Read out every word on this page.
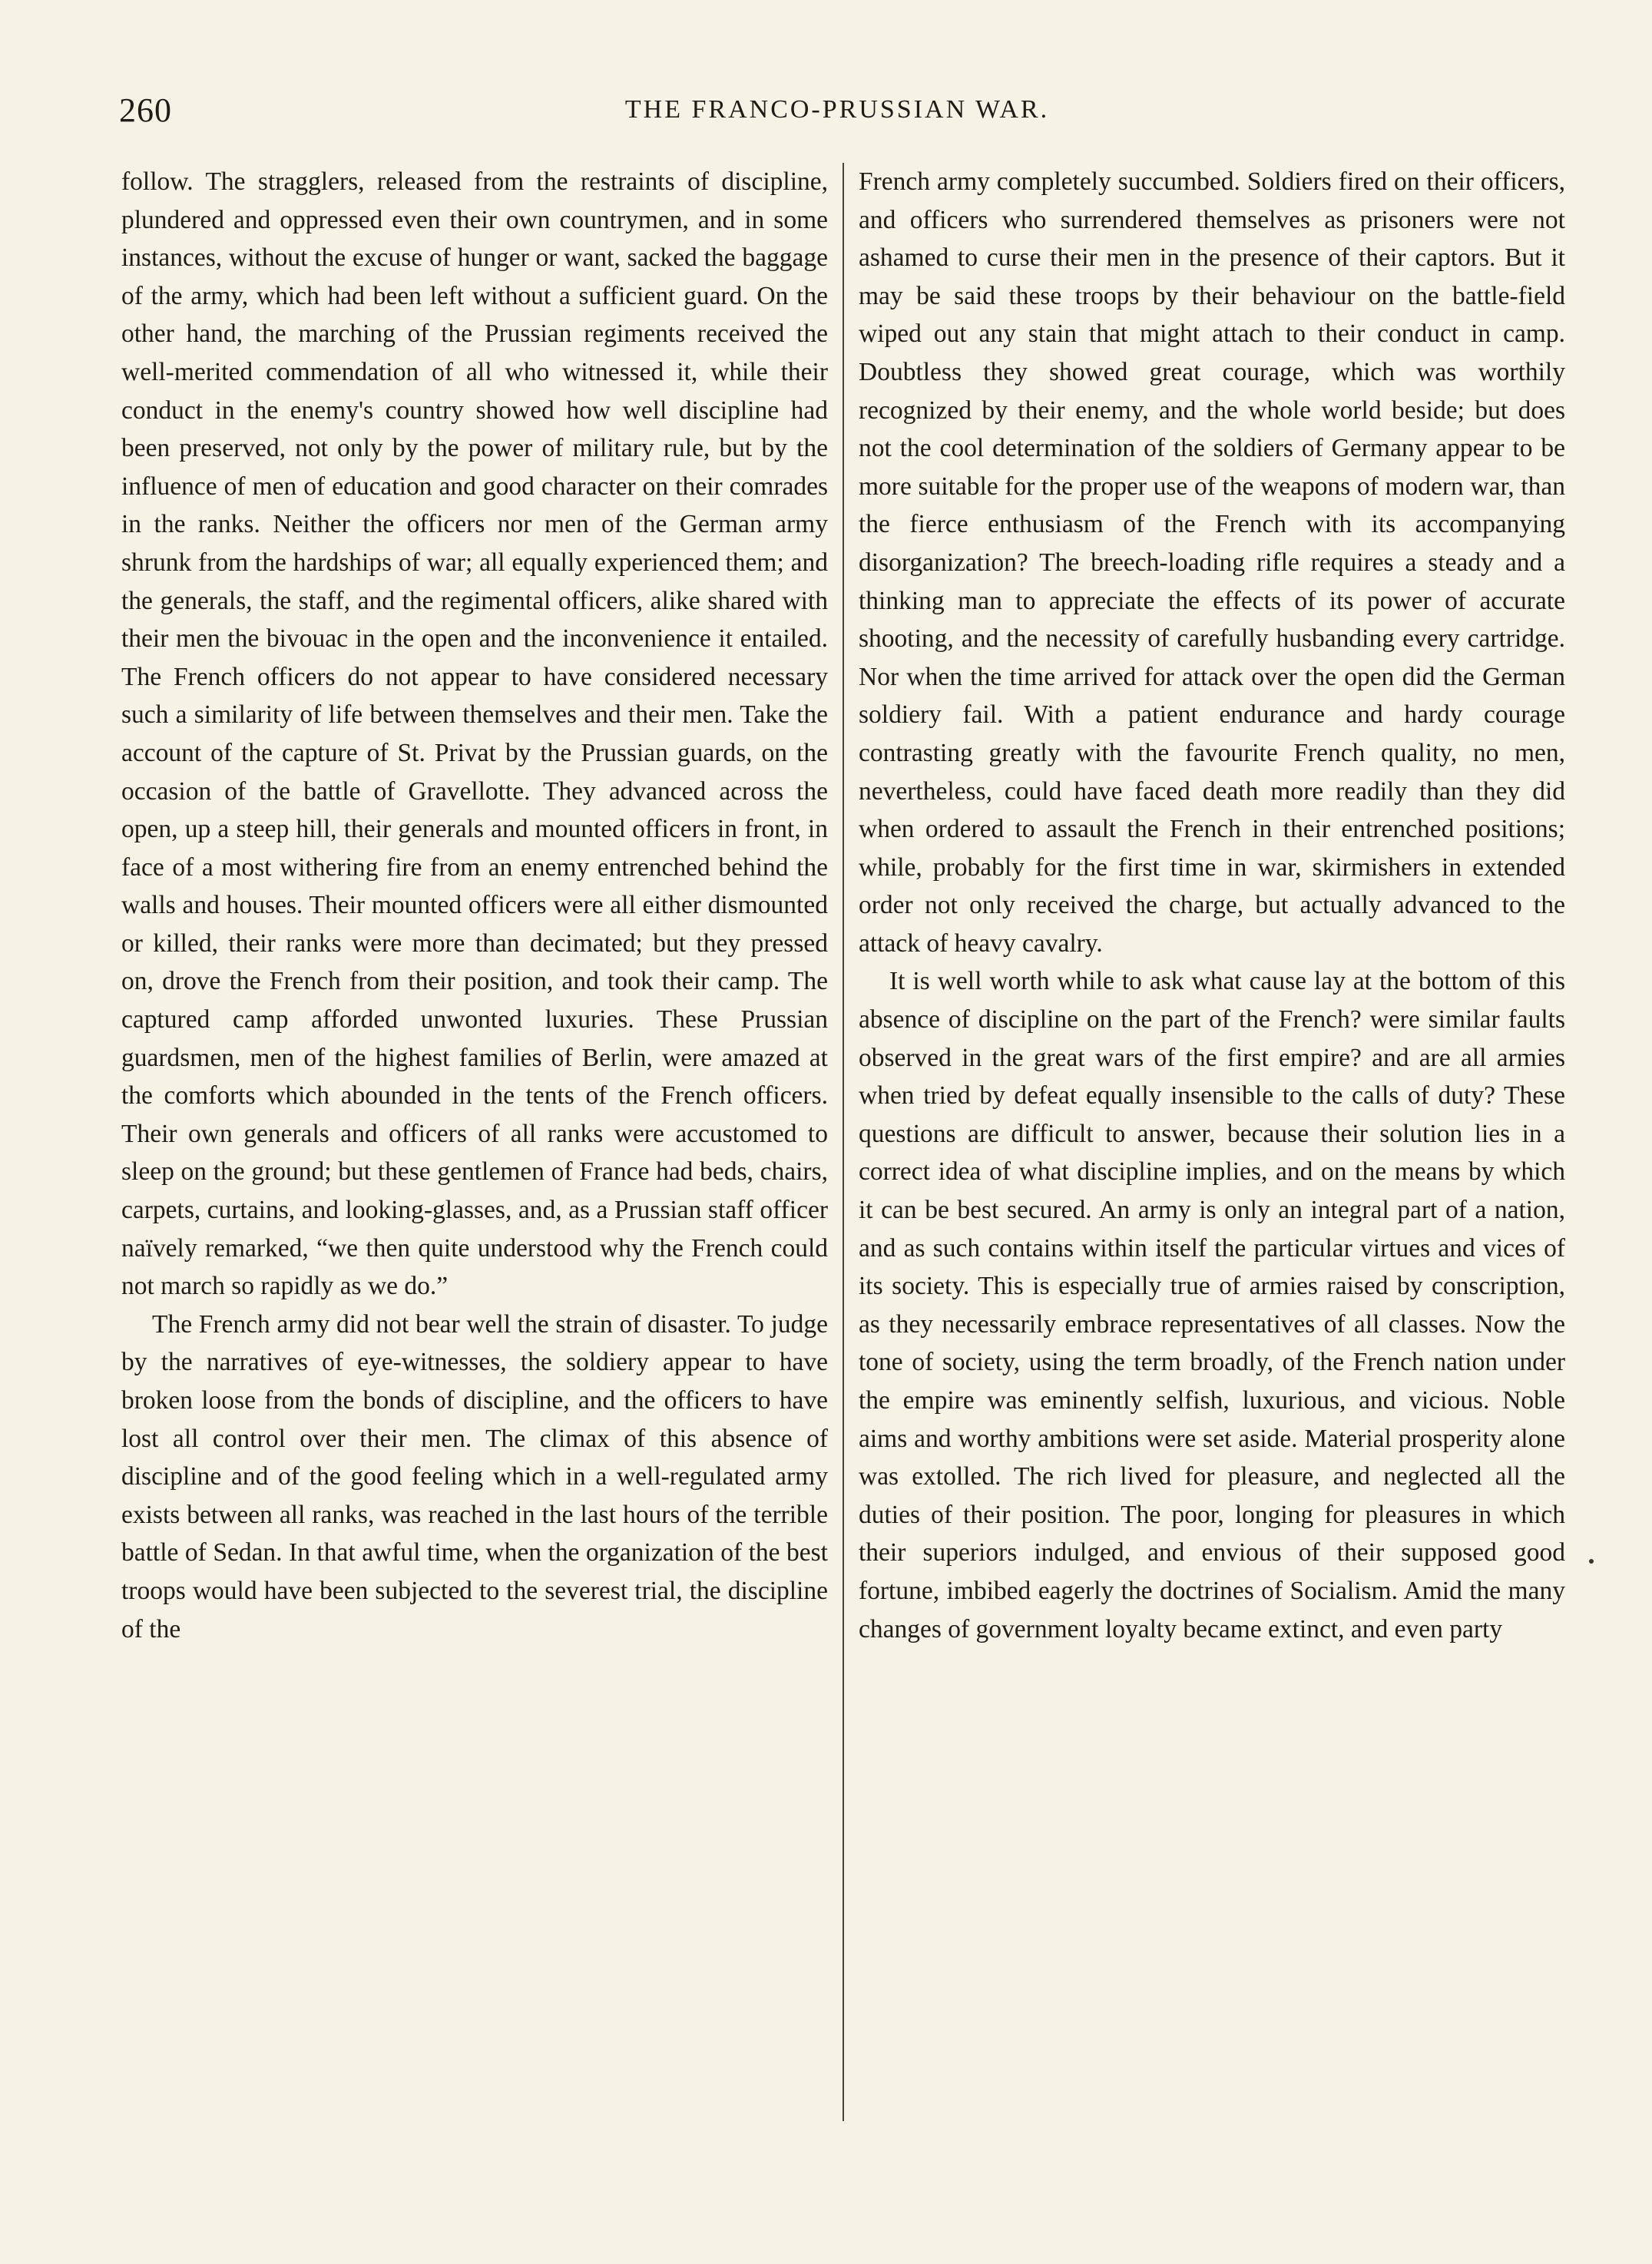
260	THE FRANCO-PRUSSIAN WAR.

follow. The stragglers, released from the restraints of discipline, plundered and oppressed even their own countrymen, and in some instances, without the excuse of hunger or want, sacked the baggage of the army, which had been left without a sufficient guard. On the other hand, the marching of the Prussian regiments received the well-merited commendation of all who witnessed it, while their conduct in the enemy's country showed how well discipline had been preserved, not only by the power of military rule, but by the influence of men of education and good character on their comrades in the ranks. Neither the officers nor men of the German army shrunk from the hardships of war; all equally experienced them; and the generals, the staff, and the regimental officers, alike shared with their men the bivouac in the open and the inconvenience it entailed. The French officers do not appear to have considered necessary such a similarity of life between themselves and their men. Take the account of the capture of St. Privat by the Prussian guards, on the occasion of the battle of Gravellotte. They advanced across the open, up a steep hill, their generals and mounted officers in front, in face of a most withering fire from an enemy entrenched behind the walls and houses. Their mounted officers were all either dismounted or killed, their ranks were more than decimated; but they pressed on, drove the French from their position, and took their camp. The captured camp afforded unwonted luxuries. These Prussian guardsmen, men of the highest families of Berlin, were amazed at the comforts which abounded in the tents of the French officers. Their own generals and officers of all ranks were accustomed to sleep on the ground; but these gentlemen of France had beds, chairs, carpets, curtains, and looking-glasses, and, as a Prussian staff officer naïvely remarked, “we then quite understood why the French could not march so rapidly as we do.”

The French army did not bear well the strain of disaster. To judge by the narratives of eye-witnesses, the soldiery appear to have broken loose from the bonds of discipline, and the officers to have lost all control over their men. The climax of this absence of discipline and of the good feeling which in a well-regulated army exists between all ranks, was reached in the last hours of the terrible battle of Sedan. In that awful time, when the organization of the best troops would have been subjected to the severest trial, the discipline of the

French army completely succumbed. Soldiers fired on their officers, and officers who surrendered themselves as prisoners were not ashamed to curse their men in the presence of their captors. But it may be said these troops by their behaviour on the battle-field wiped out any stain that might attach to their conduct in camp. Doubtless they showed great courage, which was worthily recognized by their enemy, and the whole world beside; but does not the cool determination of the soldiers of Germany appear to be more suitable for the proper use of the weapons of modern war, than the fierce enthusiasm of the French with its accompanying disorganization? The breech-loading rifle requires a steady and a thinking man to appreciate the effects of its power of accurate shooting, and the necessity of carefully husbanding every cartridge. Nor when the time arrived for attack over the open did the German soldiery fail. With a patient endurance and hardy courage contrasting greatly with the favourite French quality, no men, nevertheless, could have faced death more readily than they did when ordered to assault the French in their entrenched positions; while, probably for the first time in war, skirmishers in extended order not only received the charge, but actually advanced to the attack of heavy cavalry.

It is well worth while to ask what cause lay at the bottom of this absence of discipline on the part of the French? were similar faults observed in the great wars of the first empire? and are all armies when tried by defeat equally insensible to the calls of duty? These questions are difficult to answer, because their solution lies in a correct idea of what discipline implies, and on the means by which it can be best secured. An army is only an integral part of a nation, and as such contains within itself the particular virtues and vices of its society. This is especially true of armies raised by conscription, as they necessarily embrace representatives of all classes. Now the tone of society, using the term broadly, of the French nation under the empire was eminently selfish, luxurious, and vicious. Noble aims and worthy ambitions were set aside. Material prosperity alone was extolled. The rich lived for pleasure, and neglected all the duties of their position. The poor, longing for pleasures in which their superiors indulged, and envious of their supposed good fortune, imbibed eagerly the doctrines of Socialism. Amid the many changes of government loyalty became extinct, and even party
